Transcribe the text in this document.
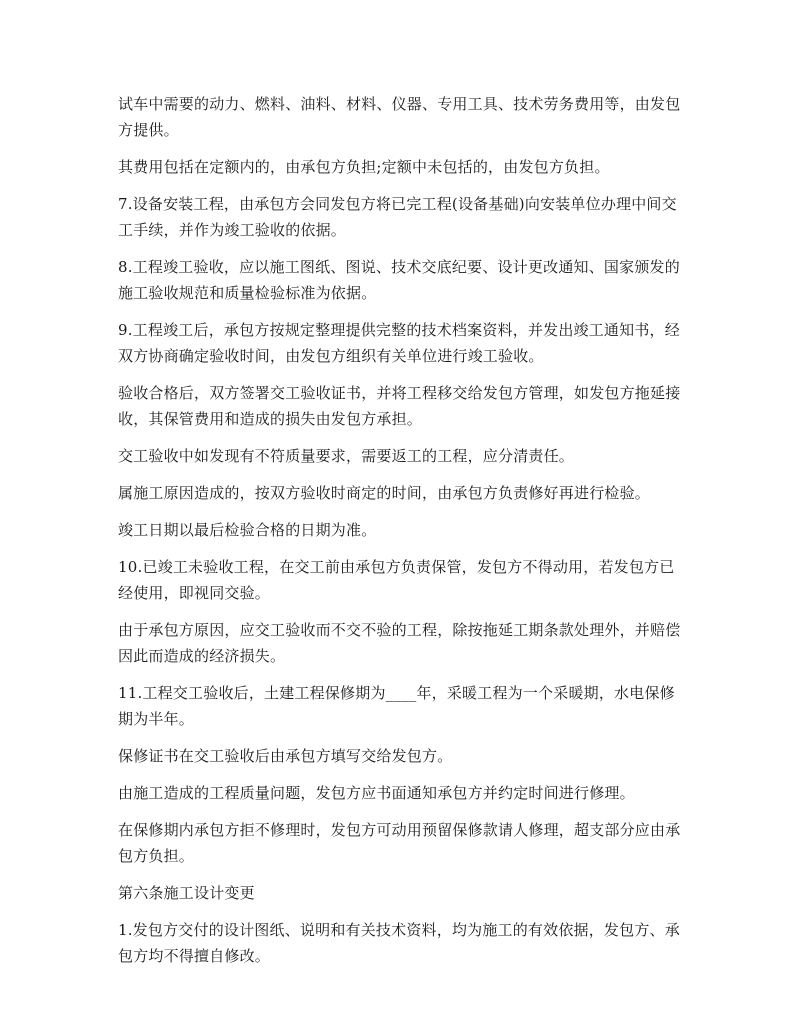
试车中需要的动力、燃料、油料、材料、仪器、专用工具、技术劳务费用等，由发包方提供。

其费用包括在定额内的，由承包方负担;定额中未包括的，由发包方负担。

7.设备安装工程，由承包方会同发包方将已完工程(设备基础)向安装单位办理中间交工手续，并作为竣工验收的依据。

8.工程竣工验收，应以施工图纸、图说、技术交底纪要、设计更改通知、国家颁发的施工验收规范和质量检验标准为依据。

9.工程竣工后，承包方按规定整理提供完整的技术档案资料，并发出竣工通知书，经双方协商确定验收时间，由发包方组织有关单位进行竣工验收。

验收合格后，双方签署交工验收证书，并将工程移交给发包方管理，如发包方拖延接收，其保管费用和造成的损失由发包方承担。

交工验收中如发现有不符质量要求，需要返工的工程，应分清责任。

属施工原因造成的，按双方验收时商定的时间，由承包方负责修好再进行检验。

竣工日期以最后检验合格的日期为准。

10.已竣工未验收工程，在交工前由承包方负责保管，发包方不得动用，若发包方已经使用，即视同交验。

由于承包方原因，应交工验收而不交不验的工程，除按拖延工期条款处理外，并赔偿因此而造成的经济损失。

11.工程交工验收后，土建工程保修期为____年，采暖工程为一个采暖期，水电保修期为半年。

保修证书在交工验收后由承包方填写交给发包方。

由施工造成的工程质量问题，发包方应书面通知承包方并约定时间进行修理。

在保修期内承包方拒不修理时，发包方可动用预留保修款请人修理，超支部分应由承包方负担。

第六条施工设计变更

1.发包方交付的设计图纸、说明和有关技术资料，均为施工的有效依据，发包方、承包方均不得擅自修改。
